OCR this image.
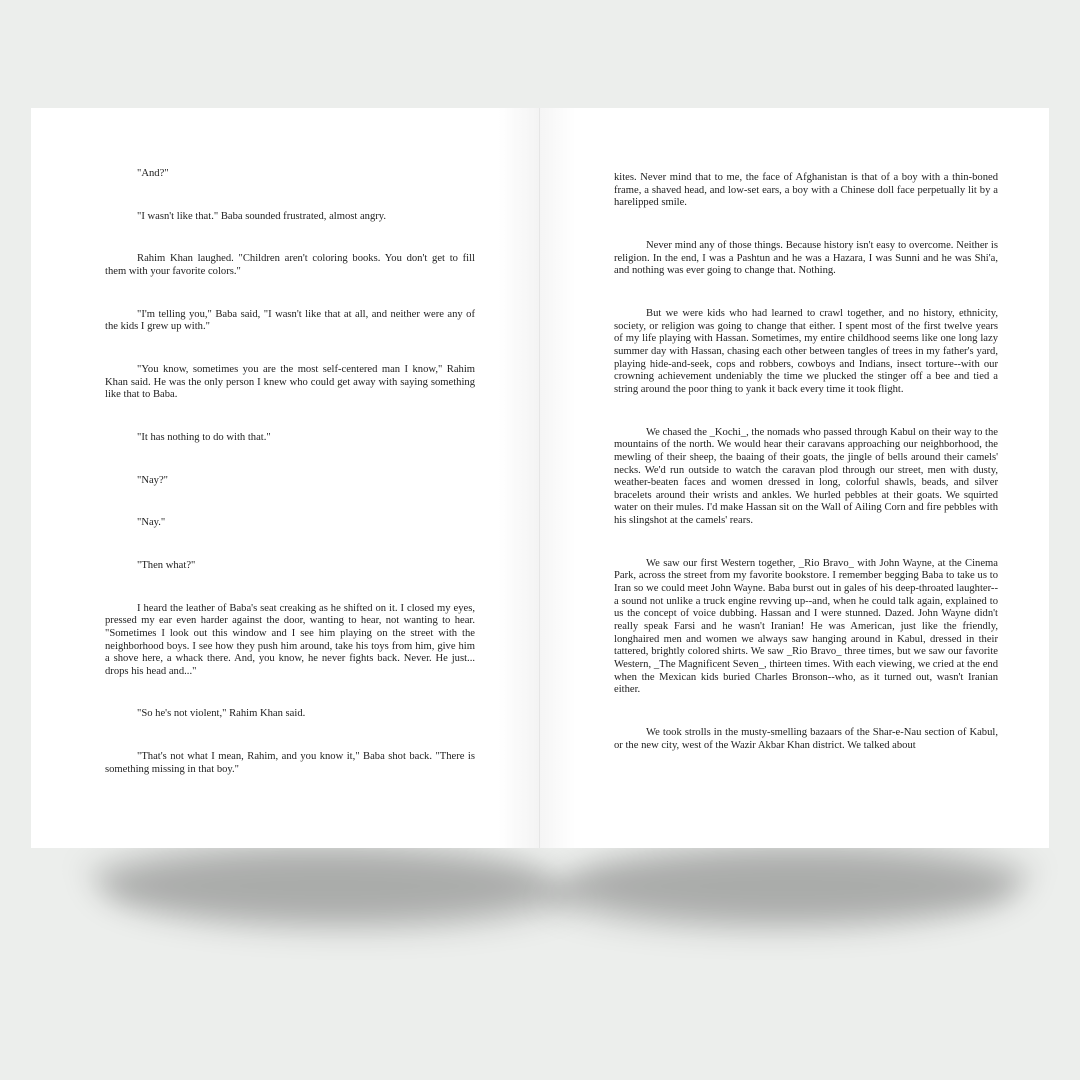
"And?"

"I wasn't like that." Baba sounded frustrated, almost angry.

Rahim Khan laughed. "Children aren't coloring books. You don't get to fill them with your favorite colors."

"I'm telling you," Baba said, "I wasn't like that at all, and neither were any of the kids I grew up with."

"You know, sometimes you are the most self-centered man I know," Rahim Khan said. He was the only person I knew who could get away with saying something like that to Baba.

"It has nothing to do with that."

"Nay?"

"Nay."

"Then what?"

I heard the leather of Baba's seat creaking as he shifted on it. I closed my eyes, pressed my ear even harder against the door, wanting to hear, not wanting to hear. "Sometimes I look out this window and I see him playing on the street with the neighborhood boys. I see how they push him around, take his toys from him, give him a shove here, a whack there. And, you know, he never fights back. Never. He just... drops his head and..."

"So he's not violent," Rahim Khan said.

"That's not what I mean, Rahim, and you know it," Baba shot back. "There is something missing in that boy."

kites. Never mind that to me, the face of Afghanistan is that of a boy with a thin-boned frame, a shaved head, and low-set ears, a boy with a Chinese doll face perpetually lit by a harelipped smile.

Never mind any of those things. Because history isn't easy to overcome. Neither is religion. In the end, I was a Pashtun and he was a Hazara, I was Sunni and he was Shi'a, and nothing was ever going to change that. Nothing.

But we were kids who had learned to crawl together, and no history, ethnicity, society, or religion was going to change that either. I spent most of the first twelve years of my life playing with Hassan. Sometimes, my entire childhood seems like one long lazy summer day with Hassan, chasing each other between tangles of trees in my father's yard, playing hide-and-seek, cops and robbers, cowboys and Indians, insect torture--with our crowning achievement undeniably the time we plucked the stinger off a bee and tied a string around the poor thing to yank it back every time it took flight.

We chased the _Kochi_, the nomads who passed through Kabul on their way to the mountains of the north. We would hear their caravans approaching our neighborhood, the mewling of their sheep, the baaing of their goats, the jingle of bells around their camels' necks. We'd run outside to watch the caravan plod through our street, men with dusty, weather-beaten faces and women dressed in long, colorful shawls, beads, and silver bracelets around their wrists and ankles. We hurled pebbles at their goats. We squirted water on their mules. I'd make Hassan sit on the Wall of Ailing Corn and fire pebbles with his slingshot at the camels' rears.

We saw our first Western together, _Rio Bravo_ with John Wayne, at the Cinema Park, across the street from my favorite bookstore. I remember begging Baba to take us to Iran so we could meet John Wayne. Baba burst out in gales of his deep-throated laughter--a sound not unlike a truck engine revving up--and, when he could talk again, explained to us the concept of voice dubbing. Hassan and I were stunned. Dazed. John Wayne didn't really speak Farsi and he wasn't Iranian! He was American, just like the friendly, longhaired men and women we always saw hanging around in Kabul, dressed in their tattered, brightly colored shirts. We saw _Rio Bravo_ three times, but we saw our favorite Western, _The Magnificent Seven_, thirteen times. With each viewing, we cried at the end when the Mexican kids buried Charles Bronson--who, as it turned out, wasn't Iranian either.

We took strolls in the musty-smelling bazaars of the Shar-e-Nau section of Kabul, or the new city, west of the Wazir Akbar Khan district. We talked about
